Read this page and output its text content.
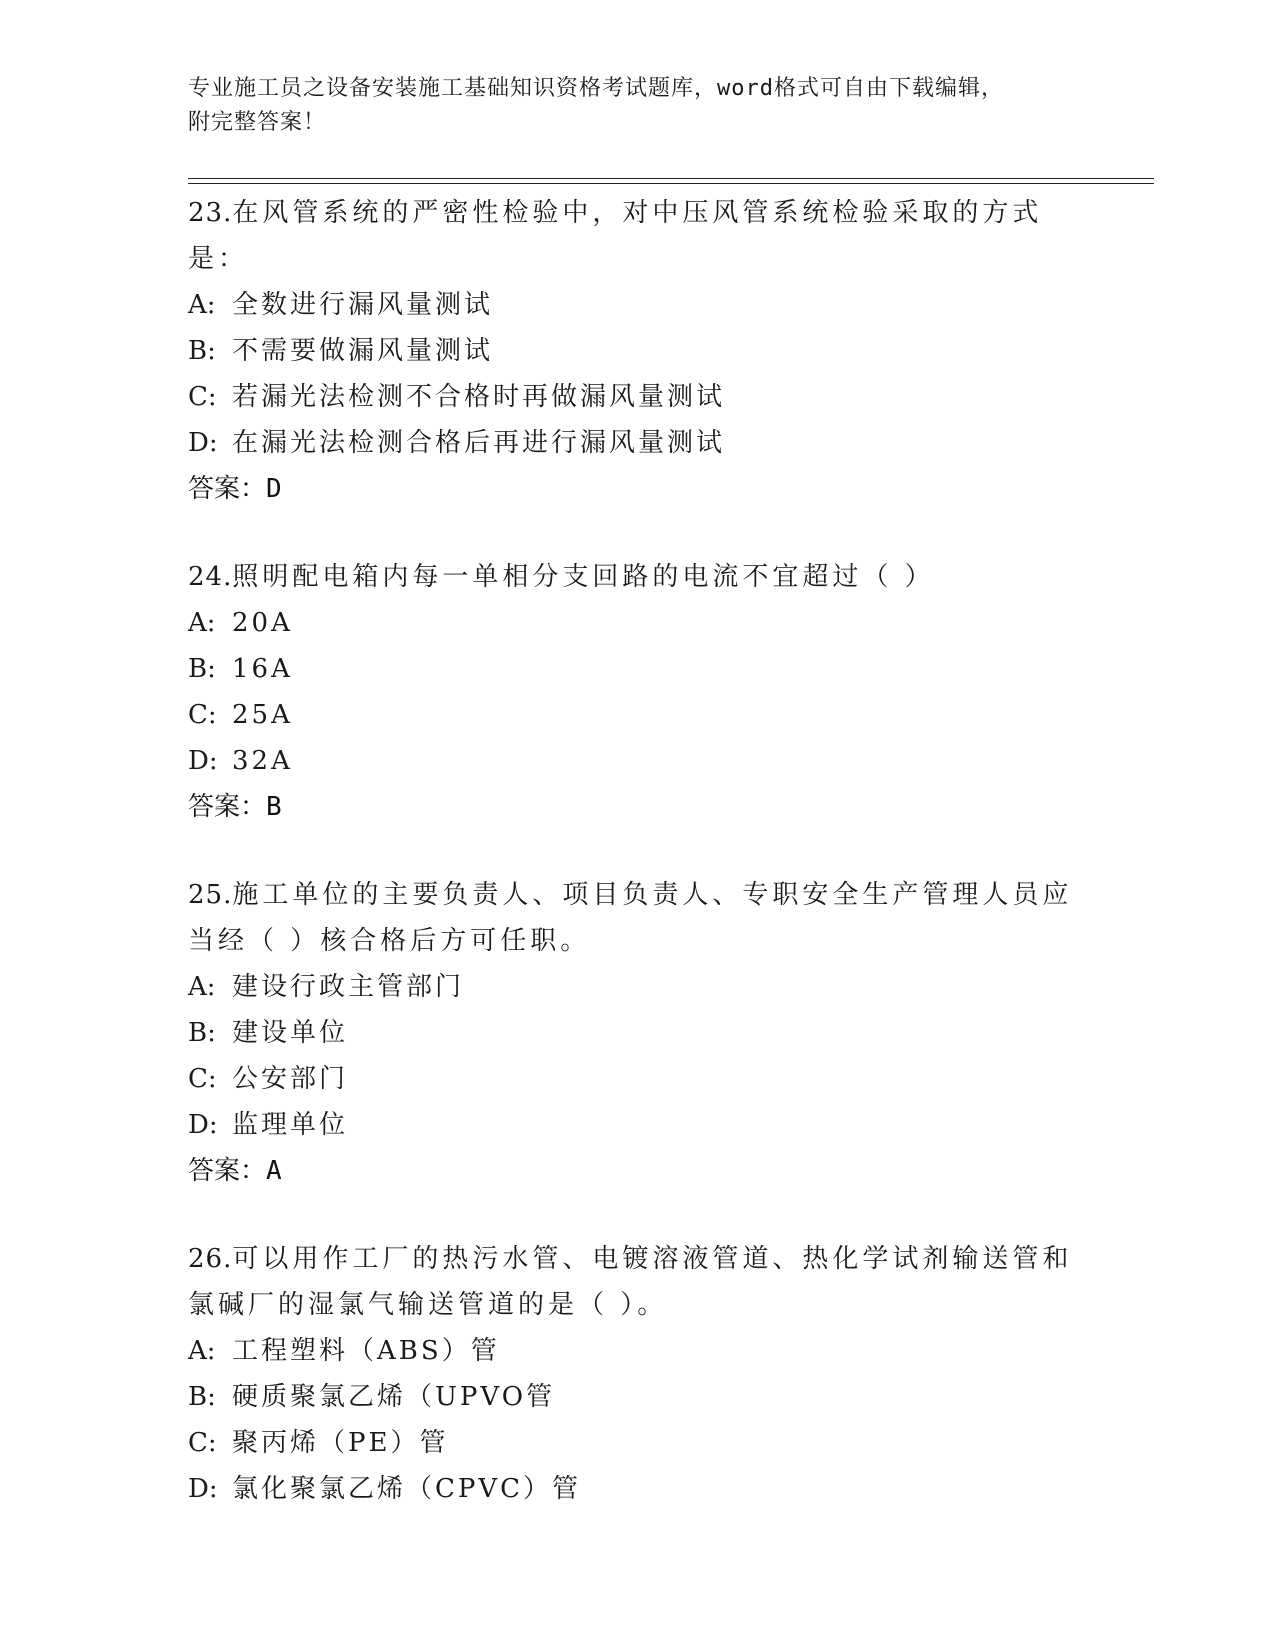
专业施工员之设备安装施工基础知识资格考试题库，word格式可自由下载编辑，
附完整答案！
23.在风管系统的严密性检验中，对中压风管系统检验采取的方式是：
A: 全数进行漏风量测试
B: 不需要做漏风量测试
C: 若漏光法检测不合格时再做漏风量测试
D: 在漏光法检测合格后再进行漏风量测试
答案：D
24.照明配电箱内每一单相分支回路的电流不宜超过（ ）
A: 20A
B: 16A
C: 25A
D: 32A
答案：B
25.施工单位的主要负责人、项目负责人、专职安全生产管理人员应当经（ ）核合格后方可任职。
A: 建设行政主管部门
B: 建设单位
C: 公安部门
D: 监理单位
答案：A
26.可以用作工厂的热污水管、电镀溶液管道、热化学试剂输送管和氯碱厂的湿氯气输送管道的是（ ）。
A: 工程塑料（ABS）管
B: 硬质聚氯乙烯（UPVO管
C: 聚丙烯（PE）管
D: 氯化聚氯乙烯（CPVC）管
